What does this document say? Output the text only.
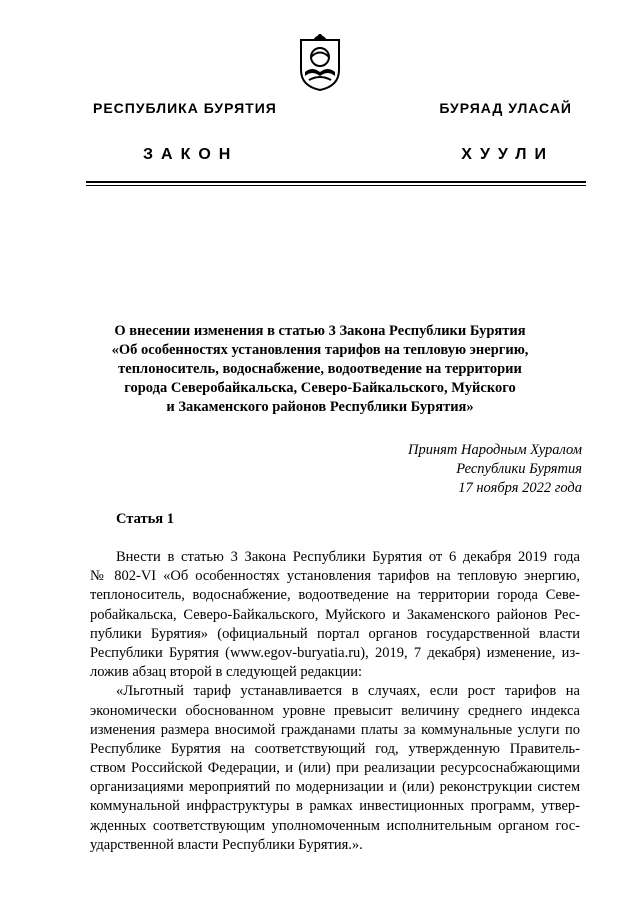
РЕСПУБЛИКА БУРЯТИЯ	БУРЯАД УЛАСАЙ
ЗАКОН	ХУУЛИ
О внесении изменения в статью 3 Закона Республики Бурятия
«Об особенностях установления тарифов на тепловую энергию,
теплоноситель, водоснабжение, водоотведение на территории
города Северобайкальска, Северо-Байкальского, Муйского
и Закаменского районов Республики Бурятия»
Принят Народным Хуралом
Республики Бурятия
17 ноября 2022 года
Статья 1
Внести в статью 3 Закона Республики Бурятия от 6 декабря 2019 года
№ 802-VI «Об особенностях установления тарифов на тепловую энергию,
теплоноситель, водоснабжение, водоотведение на территории города Севе-
робайкальска, Северо-Байкальского, Муйского и Закаменского районов Рес-
публики Бурятия» (официальный портал органов государственной власти
Республики Бурятия (www.egov-buryatia.ru), 2019, 7 декабря) изменение, из-
ложив абзац второй в следующей редакции:
«Льготный тариф устанавливается в случаях, если рост тарифов на
экономически обоснованном уровне превысит величину среднего индекса
изменения размера вносимой гражданами платы за коммунальные услуги по
Республике Бурятия на соответствующий год, утвержденную Правитель-
ством Российской Федерации, и (или) при реализации ресурсоснабжающими
организациями мероприятий по модернизации и (или) реконструкции систем
коммунальной инфраструктуры в рамках инвестиционных программ, утвер-
жденных соответствующим уполномоченным исполнительным органом гос-
ударственной власти Республики Бурятия.».
